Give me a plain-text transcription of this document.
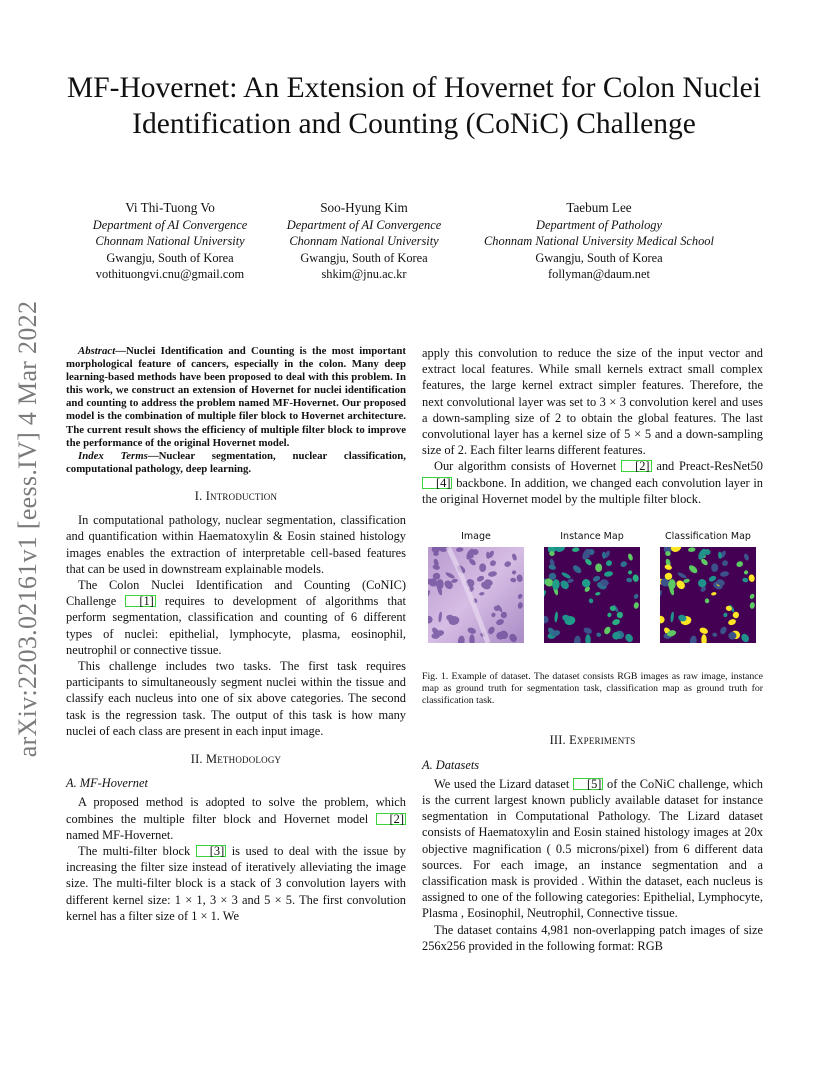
MF-Hovernet: An Extension of Hovernet for Colon Nuclei Identification and Counting (CoNiC) Challenge
Vi Thi-Tuong Vo
Department of AI Convergence
Chonnam National University
Gwangju, South of Korea
vothituongvi.cnu@gmail.com
Soo-Hyung Kim
Department of AI Convergence
Chonnam National University
Gwangju, South of Korea
shkim@jnu.ac.kr
Taebum Lee
Department of Pathology
Chonnam National University Medical School
Gwangju, South of Korea
follyman@daum.net
arXiv:2203.02161v1 [eess.IV] 4 Mar 2022	Abstract—Nuclei Identification and Counting is the most important morphological feature of cancers, especially in the colon. Many deep learning-based methods have been proposed to deal with this problem. In this work, we construct an extension of Hovernet for nuclei identification and counting to address the problem named MF-Hovernet. Our proposed model is the combination of multiple filer block to Hovernet architecture. The current result shows the efficiency of multiple filter block to improve the performance of the original Hovernet model.

Index Terms—Nuclear segmentation, nuclear classification, computational pathology, deep learning.

I. Introduction

In computational pathology, nuclear segmentation, classification and quantification within Haematoxylin & Eosin stained histology images enables the extraction of interpretable cell-based features that can be used in downstream explainable models.

The Colon Nuclei Identification and Counting (CoNIC) Challenge [1] requires to development of algorithms that perform segmentation, classification and counting of 6 different types of nuclei: epithelial, lymphocyte, plasma, eosinophil, neutrophil or connective tissue.

This challenge includes two tasks. The first task requires participants to simultaneously segment nuclei within the tissue and classify each nucleus into one of six above categories. The second task is the regression task. The output of this task is how many nuclei of each class are present in each input image.

II. Methodology
A. MF-Hovernet

A proposed method is adopted to solve the problem, which combines the multiple filter block and Hovernet model [2] named MF-Hovernet.

The multi-filter block [3] is used to deal with the issue by increasing the filter size instead of iteratively alleviating the image size. The multi-filter block is a stack of 3 convolution layers with different kernel size: 1 × 1, 3 × 3 and 5 × 5. The first convolution kernel has a filter size of 1 × 1. We

apply this convolution to reduce the size of the input vector and extract local features. While small kernels extract small complex features, the large kernel extract simpler features. Therefore, the next convolutional layer was set to 3 × 3 convolution kerel and uses a down-sampling size of 2 to obtain the global features. The last convolutional layer has a kernel size of 5 × 5 and a down-sampling size of 2. Each filter learns different features.

Our algorithm consists of Hovernet [2] and Preact-ResNet50 [4] backbone. In addition, we changed each convolution layer in the original Hovernet model by the multiple filter block.

Image	Instance Map	Classification Map

Fig. 1. Example of dataset. The dataset consists RGB images as raw image, instance map as ground truth for segmentation task, classification map as ground truth for classification task.

III. Experiments
A. Datasets

We used the Lizard dataset [5] of the CoNiC challenge, which is the current largest known publicly available dataset for instance segmentation in Computational Pathology. The Lizard dataset consists of Haematoxylin and Eosin stained histology images at 20x objective magnification ( 0.5 microns/pixel) from 6 different data sources. For each image, an instance segmentation and a classification mask is provided . Within the dataset, each nucleus is assigned to one of the following categories: Epithelial, Lymphocyte, Plasma , Eosinophil, Neutrophil, Connective tissue.

The dataset contains 4,981 non-overlapping patch images of size 256x256 provided in the following format: RGB
